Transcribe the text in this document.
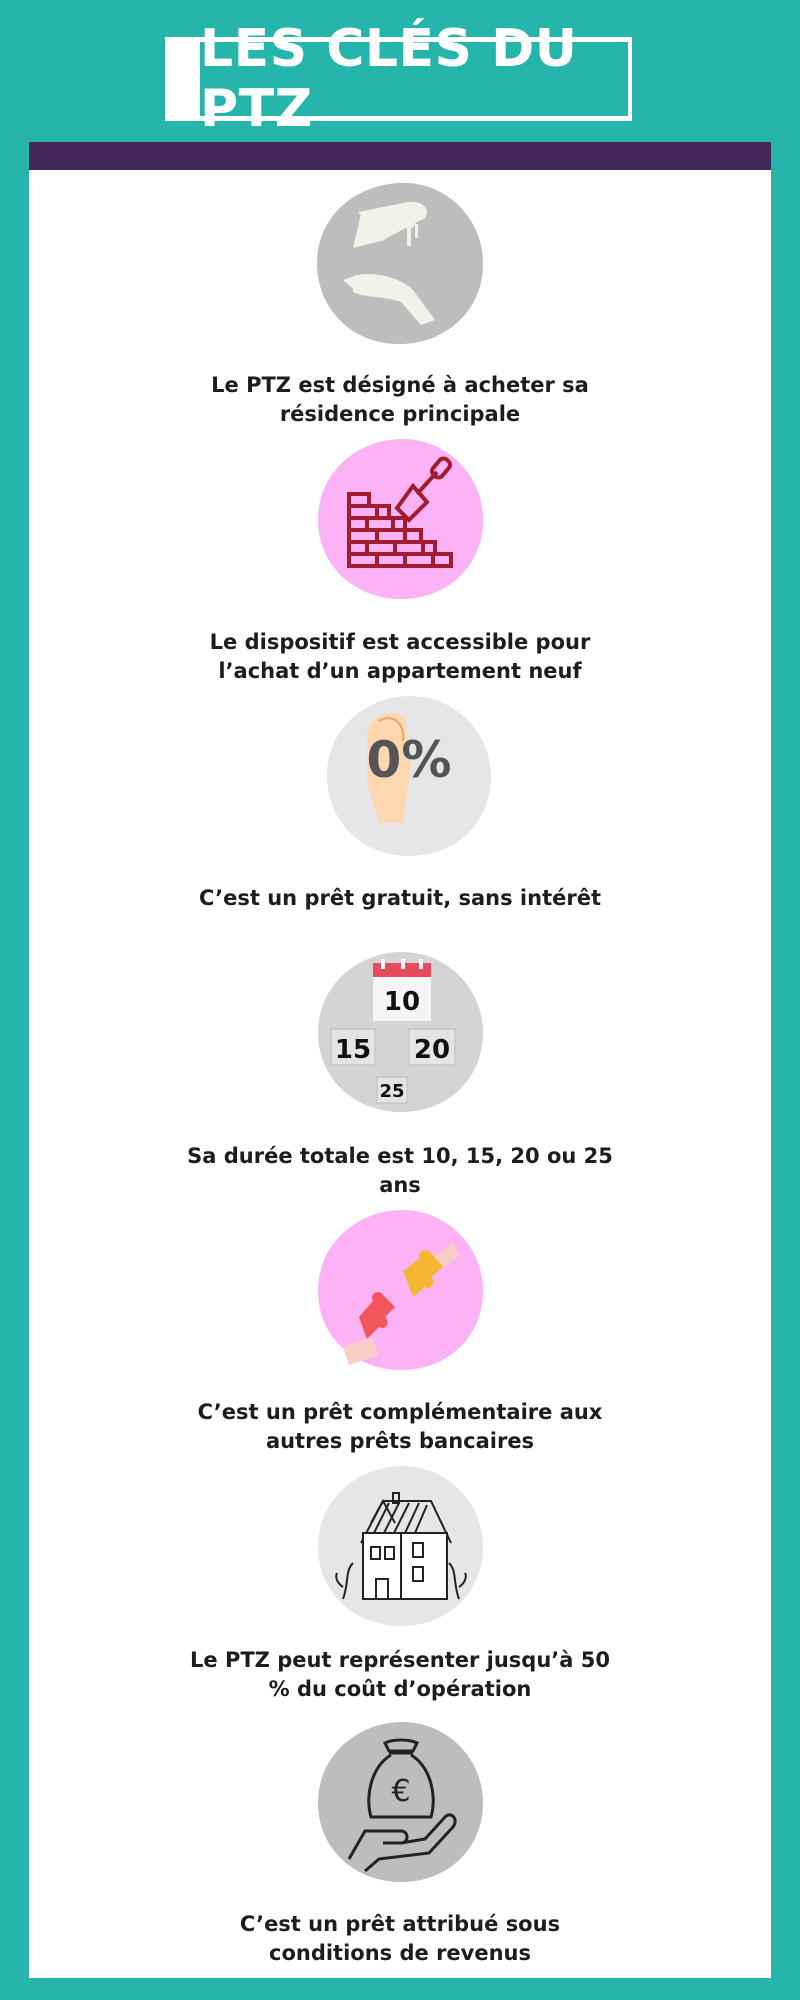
LES CLÉS DU PTZ
Le PTZ est désigné à acheter sa résidence principale
Le dispositif est accessible pour l’achat d’un appartement neuf
0%
C’est un prêt gratuit, sans intérêt
10
15 20
25
Sa durée totale est 10, 15, 20 ou 25 ans
C’est un prêt complémentaire aux autres prêts bancaires
Le PTZ peut représenter jusqu’à 50 % du coût d’opération
€
C’est un prêt attribué sous conditions de revenus
